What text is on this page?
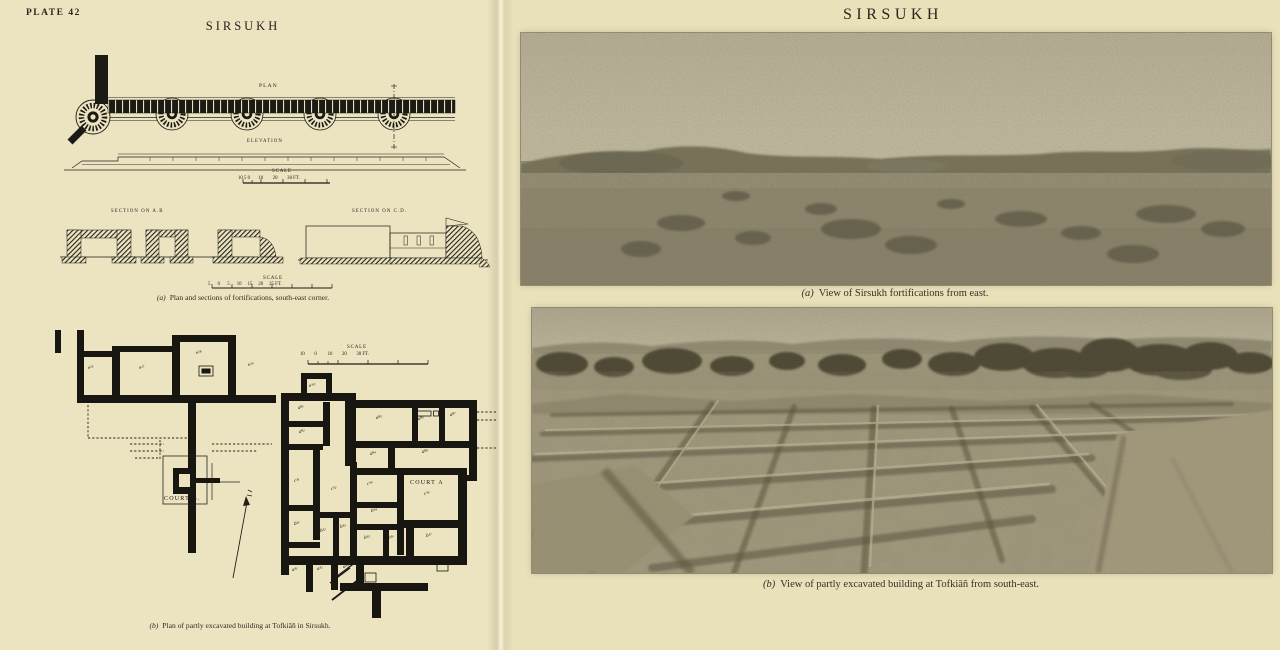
PLATE 42
SIRSUKH
PLAN
ELEVATION
SCALE
10 5 0       10        20        30 FT.
SECTION ON A.B	SECTION ON C.D.
SCALE
5      0      5      10     15     20     25 FT.
(a) Plan and sections of fortifications, south-east corner.
SCALE
10        0         10        20        30 FT.
COURT A
c³⁵
COURT B.
e²⁶	e²⁷
e²⁸
e²⁹
e³⁰
d³¹
d³²
d³³	d³⁶
d³⁷
d³⁴	d³⁸
c³¹
c³²
c³⁴
b³¹
b³²
b³³
b³⁴
b³⁵	b³⁶	b³⁷
a³¹	a³²	a³³
(b) Plan of partly excavated building at Tofkiāñ in Sirsukh.
SIRSUKH
(a) View of Sirsukh fortifications from east.
(b) View of partly excavated building at Tofkiāñ from south-east.
